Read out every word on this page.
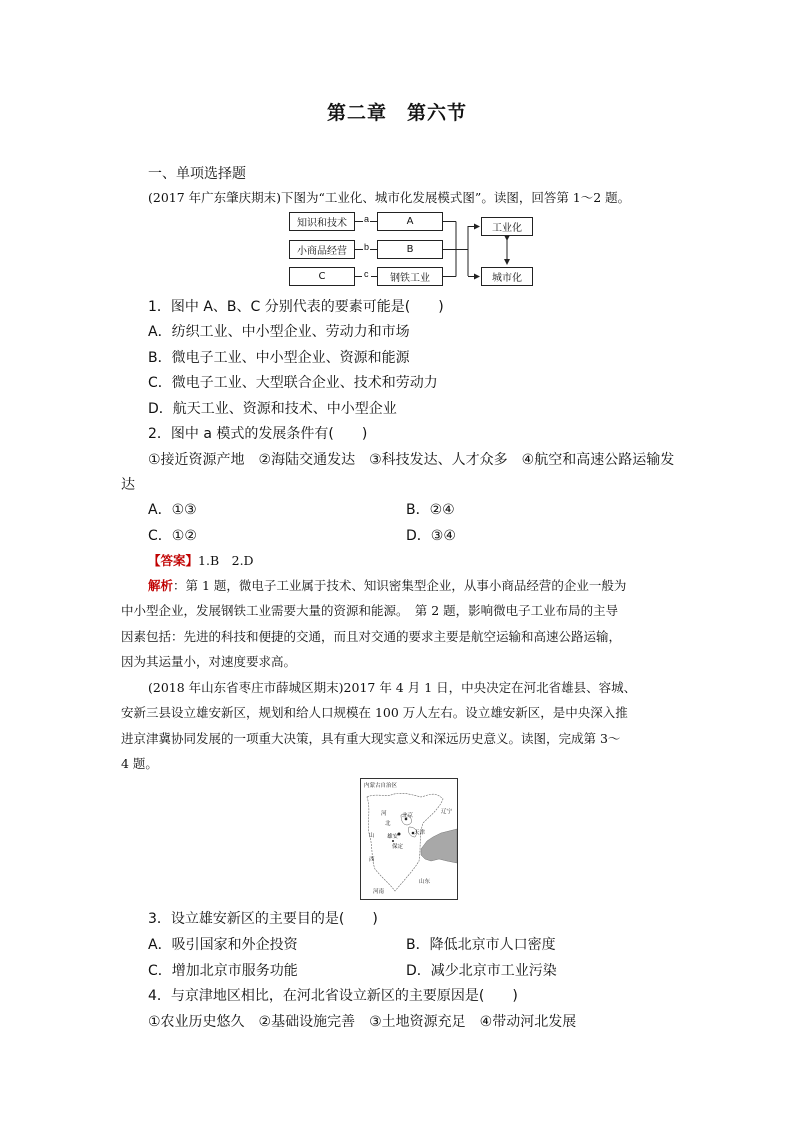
第二章　第六节
一、单项选择题
(2017 年广东肇庆期末)下图为“工业化、城市化发展模式图”。读图，回答第 1～2 题。
知识和技术
小商品经营
C
a
b
c
A
B
钢铁工业
工业化
城市化
1．图中 A、B、C 分别代表的要素可能是(　　)
A．纺织工业、中小型企业、劳动力和市场
B．微电子工业、中小型企业、资源和能源
C．微电子工业、大型联合企业、技术和劳动力
D．航天工业、资源和技术、中小型企业
2．图中 a 模式的发展条件有(　　)
①接近资源产地　②海陆交通发达　③科技发达、人才众多　④航空和高速公路运输发
达
A．①③	B．②④
C．①②	D．③④
【答案】1.B　2.D
解析：第 1 题，微电子工业属于技术、知识密集型企业，从事小商品经营的企业一般为
中小型企业，发展钢铁工业需要大量的资源和能源。　第 2 题，影响微电子工业布局的主导
因素包括：先进的科技和便捷的交通，而且对交通的要求主要是航空运输和高速公路运输，
因为其运量小，对速度要求高。
(2018 年山东省枣庄市薛城区期末)2017 年 4 月 1 日，中央决定在河北省雄县、容城、
安新三县设立雄安新区，规划和给人口规模在 100 万人左右。设立雄安新区，是中央深入推
进京津冀协同发展的一项重大决策，具有重大现实意义和深远历史意义。读图，完成第 3～
4 题。
内蒙古自治区
辽宁
河
北
北京
天津
雄安
保定
山
西
山东
河南
3．设立雄安新区的主要目的是(　　)
A．吸引国家和外企投资	B．降低北京市人口密度
C．增加北京市服务功能	D．减少北京市工业污染
4．与京津地区相比，在河北省设立新区的主要原因是(　　)
①农业历史悠久　②基础设施完善　③土地资源充足　④带动河北发展
